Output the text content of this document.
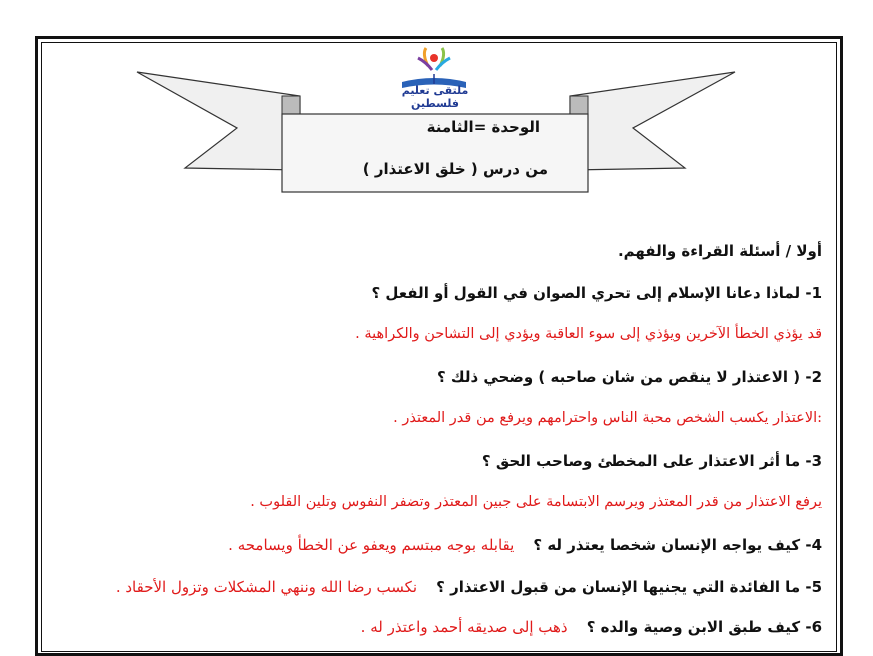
ملتقى تعليم فلسطين
الوحدة =الثامنة
من درس ( خلق الاعتذار )
أولا / أسئلة القراءة والفهم.
1- لماذا دعانا الإسلام إلى تحري الصوان في القول أو الفعل ؟
قد يؤذي الخطأ الآخرين ويؤذي إلى سوء العاقبة ويؤدي إلى التشاحن والكراهية .
2- ( الاعتذار لا ينقص من شان صاحبه ) وضحي ذلك ؟
:الاعتذار يكسب الشخص محبة الناس واحترامهم ويرفع من قدر المعتذر .
3- ما أثر الاعتذار على المخطئ وصاحب الحق ؟
يرفع الاعتذار من قدر المعتذر ويرسم الابتسامة على جبين المعتذر وتضفر النفوس وتلين القلوب .
4- كيف يواجه الإنسان شخصا يعتذر له ؟    يقابله بوجه مبتسم ويعفو عن الخطأ ويسامحه .
5- ما الفائدة التي يجنيها الإنسان من قبول الاعتذار ؟    نكسب رضا الله وننهي المشكلات وتزول الأحقاد .
6- كيف طبق الابن وصية والده ؟    ذهب إلى صديقه أحمد واعتذر له .
